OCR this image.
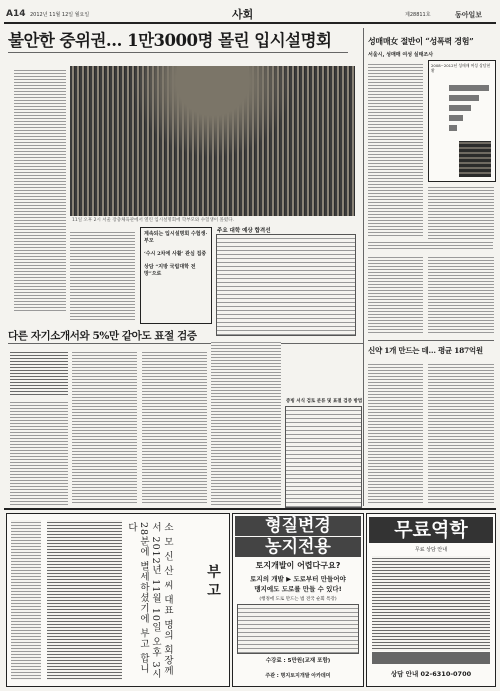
A14 2012년 11월 12일 월요일	사회	제28811호	동아일보
불안한 중위권… 1만3000명 몰린 입시설명회
11일 오후 2시 서울 장충체육관에서 열린 입시설명회에 학부모와 수험생이 몰렸다.
계속되는 입시설명회 수험생·부모
‘수시 2차에 사활’ 관심 집중
상담 “지방 국립대학 전망”으로
주요 대학 예상 합격선
다른 자기소개서와 5%만 같아도 표절 검증
증빙 서식 검토 분류 및 표절 검증 방법
성매매女 절반이 “성폭력 경험”
서울시, 성매매 여성 실태조사
2008~2012년 성매매 여성 상담현황
신약 1개 만드는 데… 평균 187억원
소 모 신 산 씨 대표 명의 회장께서 2012년 11월 10일 오후 3시 28분에 별세하셨기에 부고 합니다
부 고
형질변경
농지전용
토지개발이 어렵다구요?
토지의 개발 ▶ 도로부터 만들어야
맹지에도 도로를 만들 수 있다!
(행정에 도로 만드는 법 전국 순회 특강)
수강료 : 5만원(교재 포함)
주관 : 명지토지개발 아카데미
무료역학
무료 상담 안내
상담 안내 02-6310-0700
